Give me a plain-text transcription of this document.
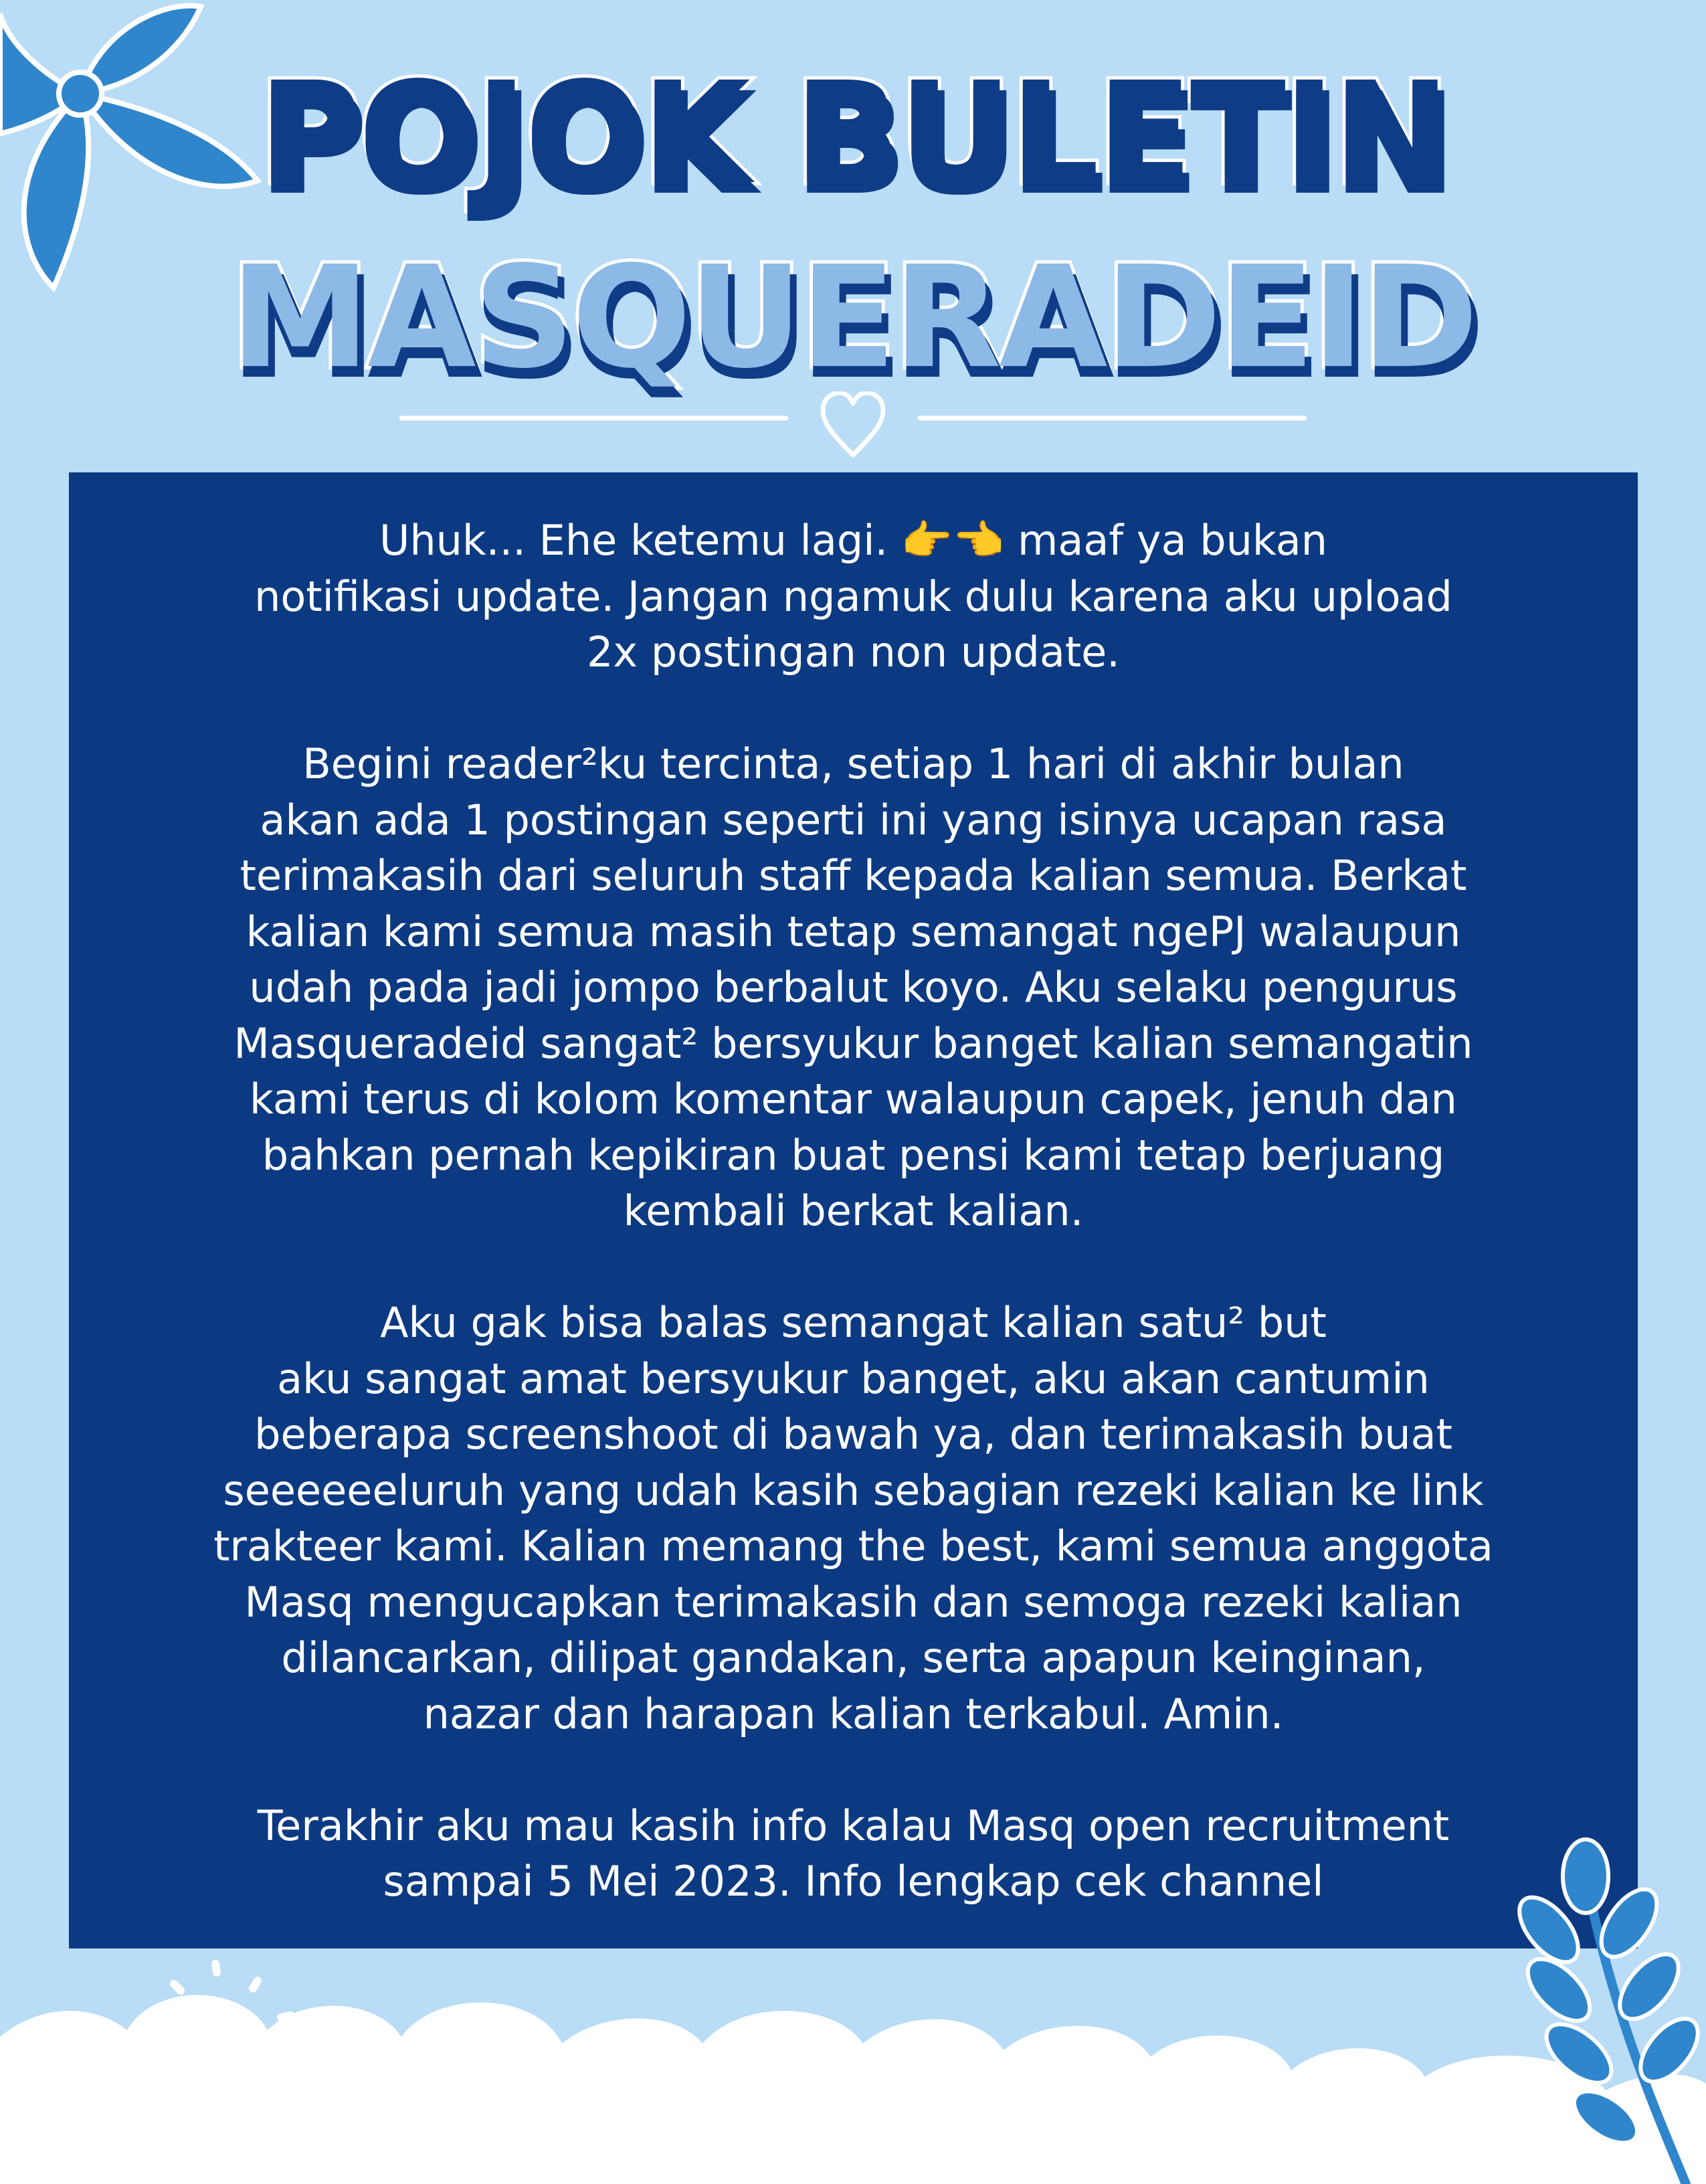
POJOK BULETIN
MASQUERADEID

Uhuk... Ehe ketemu lagi. 👉👈 maaf ya bukan
notifikasi update. Jangan ngamuk dulu karena aku upload
2x postingan non update.

Begini reader²ku tercinta, setiap 1 hari di akhir bulan
akan ada 1 postingan seperti ini yang isinya ucapan rasa
terimakasih dari seluruh staff kepada kalian semua. Berkat
kalian kami semua masih tetap semangat ngePJ walaupun
udah pada jadi jompo berbalut koyo. Aku selaku pengurus
Masqueradeid sangat² bersyukur banget kalian semangatin
kami terus di kolom komentar walaupun capek, jenuh dan
bahkan pernah kepikiran buat pensi kami tetap berjuang
kembali berkat kalian.

Aku gak bisa balas semangat kalian satu² but
aku sangat amat bersyukur banget, aku akan cantumin
beberapa screenshoot di bawah ya, dan terimakasih buat
seeeeeeluruh yang udah kasih sebagian rezeki kalian ke link
trakteer kami. Kalian memang the best, kami semua anggota
Masq mengucapkan terimakasih dan semoga rezeki kalian
dilancarkan, dilipat gandakan, serta apapun keinginan,
nazar dan harapan kalian terkabul. Amin.

Terakhir aku mau kasih info kalau Masq open recruitment
sampai 5 Mei 2023. Info lengkap cek channel
